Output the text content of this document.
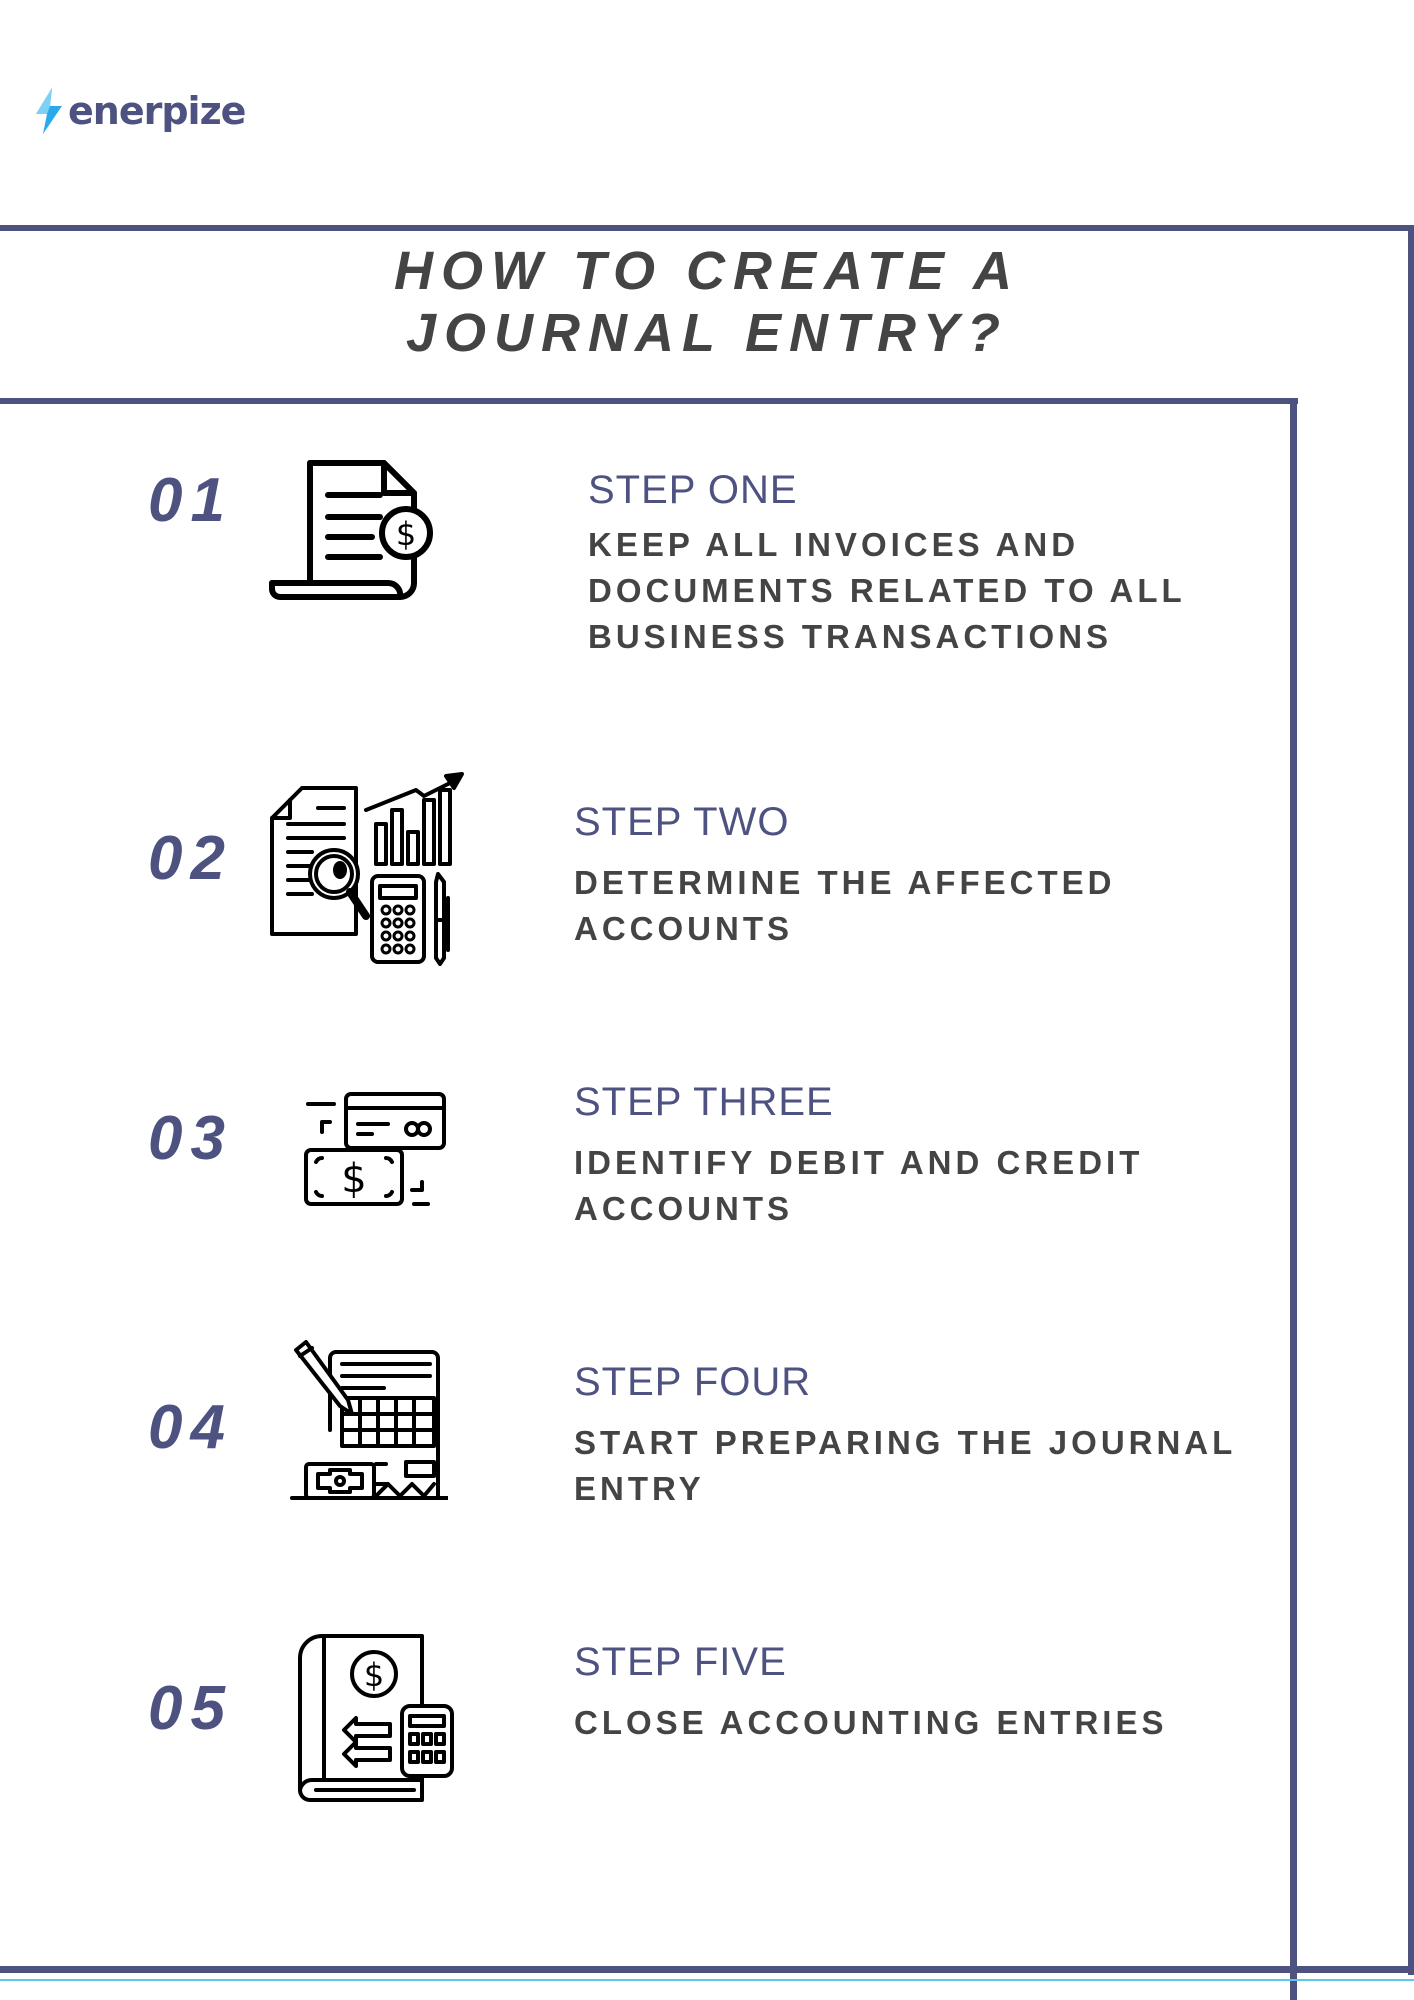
enerpize
HOW TO CREATE A
JOURNAL ENTRY?
01	$
STEP ONE
KEEP ALL INVOICES AND DOCUMENTS RELATED TO ALL BUSINESS TRANSACTIONS
02
STEP TWO
DETERMINE THE AFFECTED ACCOUNTS
03
$
STEP THREE
IDENTIFY DEBIT AND CREDIT ACCOUNTS
04
STEP FOUR
START PREPARING THE JOURNAL ENTRY
05	$	STEP FIVE
CLOSE ACCOUNTING ENTRIES
